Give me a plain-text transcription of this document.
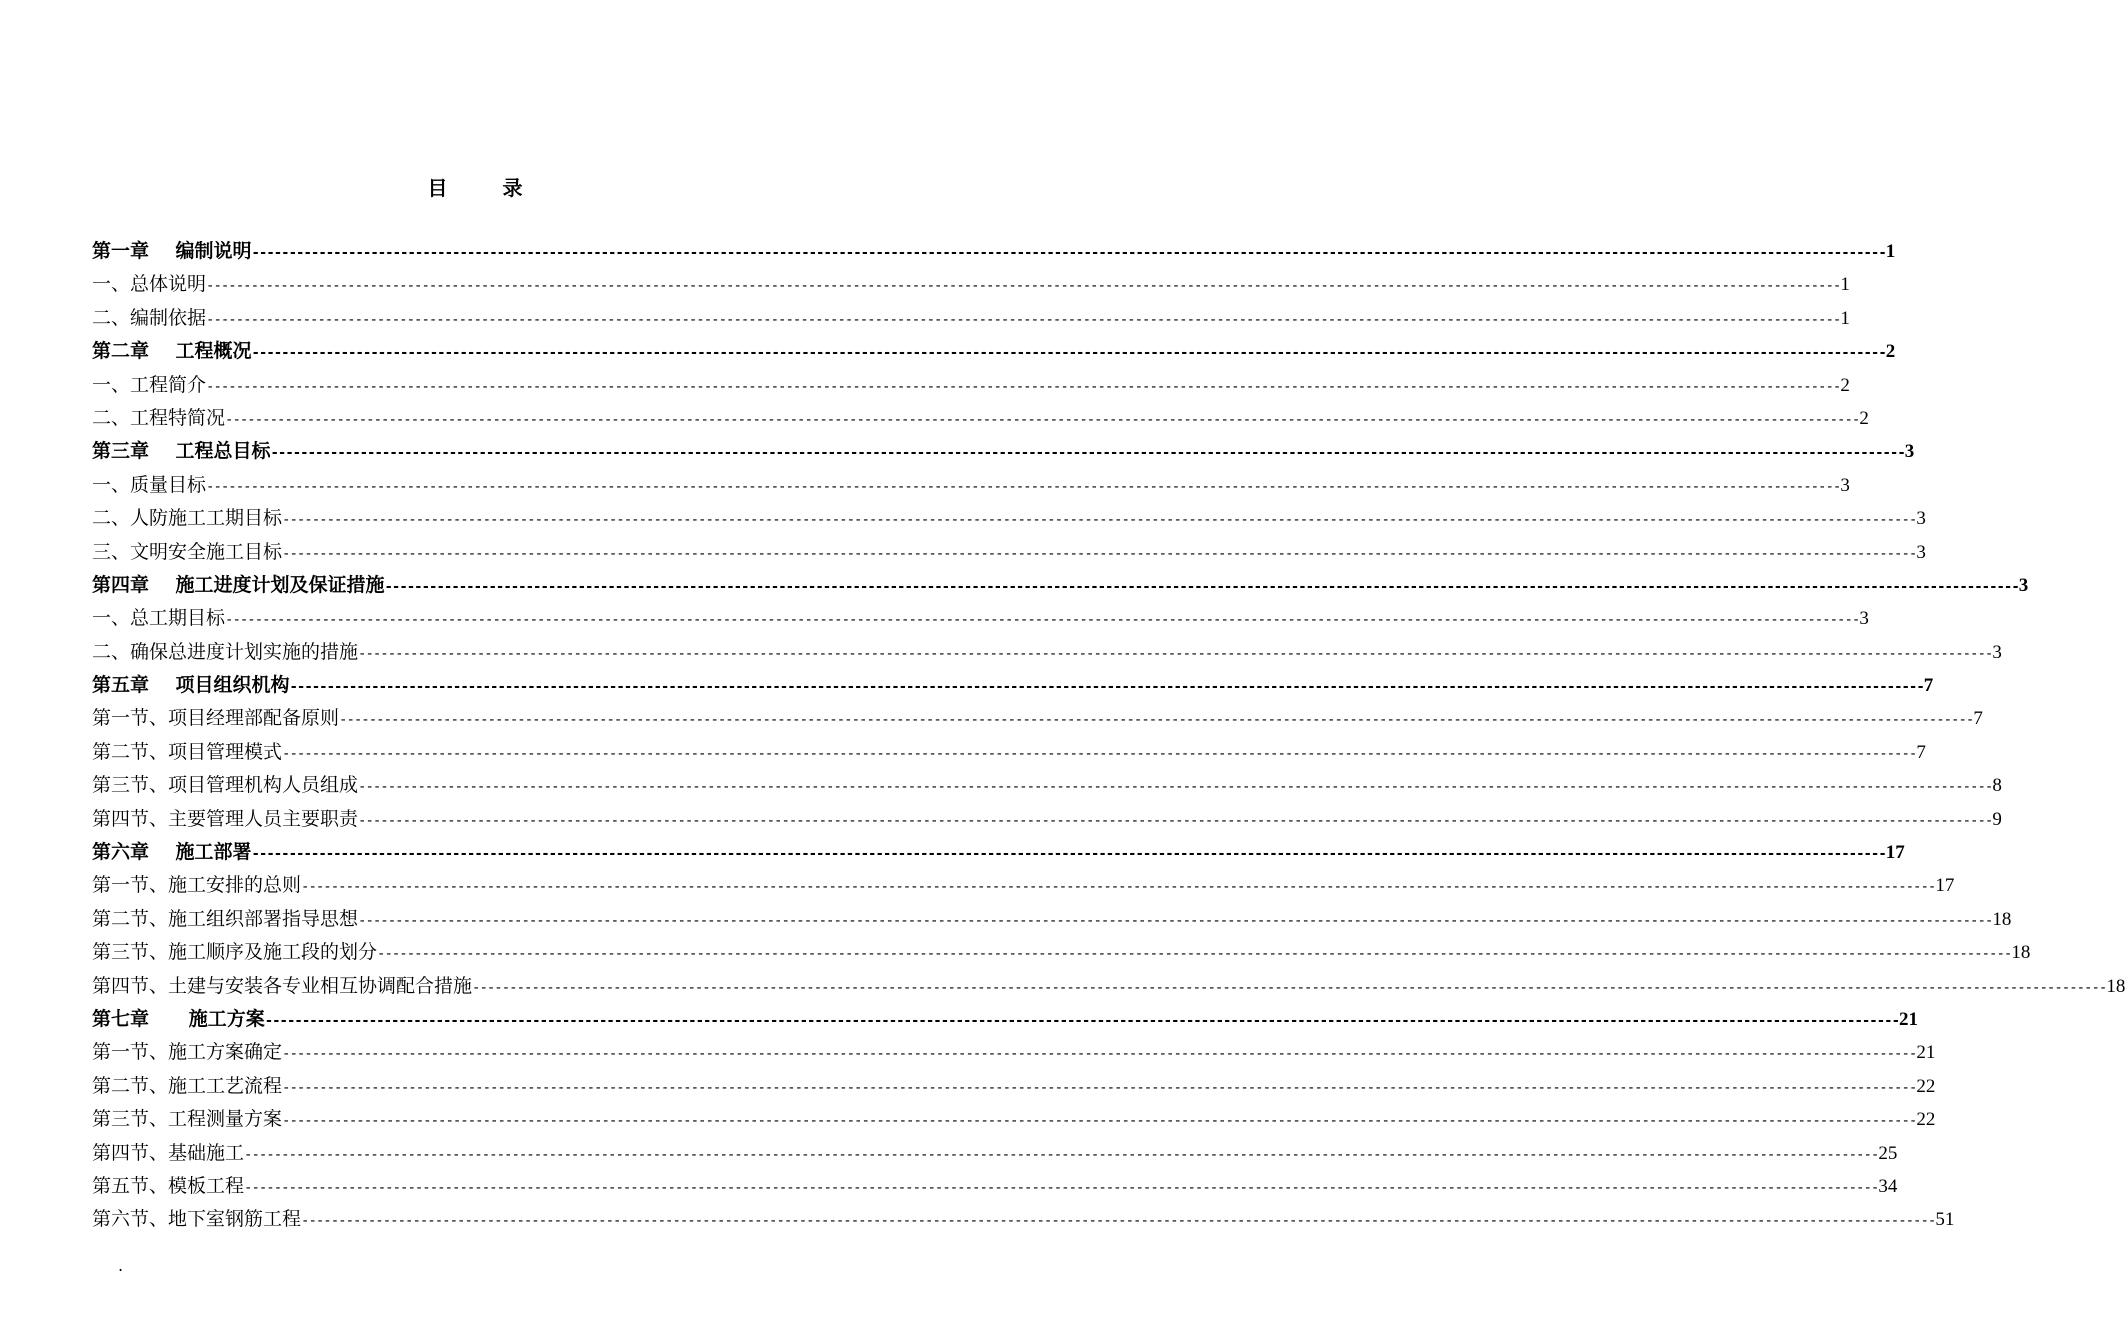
目 录
第一章    编制说明 ---------------------------------------------------------------------------------------------------------------------------------------------------------------------------------------------------------------------------- 1
一、总体说明 ---------------------------------------------------------------------------------------------------------------------------------------------------------------------------------------------------------------------------- 1
二、编制依据 ---------------------------------------------------------------------------------------------------------------------------------------------------------------------------------------------------------------------------- 1
第二章    工程概况 ---------------------------------------------------------------------------------------------------------------------------------------------------------------------------------------------------------------------------- 2
一、工程简介 ---------------------------------------------------------------------------------------------------------------------------------------------------------------------------------------------------------------------------- 2
二、工程特简况 ---------------------------------------------------------------------------------------------------------------------------------------------------------------------------------------------------------------------------- 2
第三章    工程总目标 ---------------------------------------------------------------------------------------------------------------------------------------------------------------------------------------------------------------------------- 3
一、质量目标 ---------------------------------------------------------------------------------------------------------------------------------------------------------------------------------------------------------------------------- 3
二、人防施工工期目标 ---------------------------------------------------------------------------------------------------------------------------------------------------------------------------------------------------------------------------- 3
三、文明安全施工目标 ---------------------------------------------------------------------------------------------------------------------------------------------------------------------------------------------------------------------------- 3
第四章    施工进度计划及保证措施 ---------------------------------------------------------------------------------------------------------------------------------------------------------------------------------------------------------------------------- 3
一、总工期目标 ---------------------------------------------------------------------------------------------------------------------------------------------------------------------------------------------------------------------------- 3
二、确保总进度计划实施的措施 ---------------------------------------------------------------------------------------------------------------------------------------------------------------------------------------------------------------------------- 3
第五章    项目组织机构 ---------------------------------------------------------------------------------------------------------------------------------------------------------------------------------------------------------------------------- 7
第一节、项目经理部配备原则 ---------------------------------------------------------------------------------------------------------------------------------------------------------------------------------------------------------------------------- 7
第二节、项目管理模式 ---------------------------------------------------------------------------------------------------------------------------------------------------------------------------------------------------------------------------- 7
第三节、项目管理机构人员组成 ---------------------------------------------------------------------------------------------------------------------------------------------------------------------------------------------------------------------------- 8
第四节、主要管理人员主要职责 ---------------------------------------------------------------------------------------------------------------------------------------------------------------------------------------------------------------------------- 9
第六章    施工部署 ---------------------------------------------------------------------------------------------------------------------------------------------------------------------------------------------------------------------------- 17
第一节、施工安排的总则 ---------------------------------------------------------------------------------------------------------------------------------------------------------------------------------------------------------------------------- 17
第二节、施工组织部署指导思想 ---------------------------------------------------------------------------------------------------------------------------------------------------------------------------------------------------------------------------- 18
第三节、施工顺序及施工段的划分 ---------------------------------------------------------------------------------------------------------------------------------------------------------------------------------------------------------------------------- 18
第四节、土建与安装各专业相互协调配合措施 ---------------------------------------------------------------------------------------------------------------------------------------------------------------------------------------------------------------------------- 18
第七章      施工方案 ---------------------------------------------------------------------------------------------------------------------------------------------------------------------------------------------------------------------------- 21
第一节、施工方案确定 ---------------------------------------------------------------------------------------------------------------------------------------------------------------------------------------------------------------------------- 21
第二节、施工工艺流程 ---------------------------------------------------------------------------------------------------------------------------------------------------------------------------------------------------------------------------- 22
第三节、工程测量方案 ---------------------------------------------------------------------------------------------------------------------------------------------------------------------------------------------------------------------------- 22
第四节、基础施工 ---------------------------------------------------------------------------------------------------------------------------------------------------------------------------------------------------------------------------- 25
第五节、模板工程 ---------------------------------------------------------------------------------------------------------------------------------------------------------------------------------------------------------------------------- 34
第六节、地下室钢筋工程 ---------------------------------------------------------------------------------------------------------------------------------------------------------------------------------------------------------------------------- 51
.
